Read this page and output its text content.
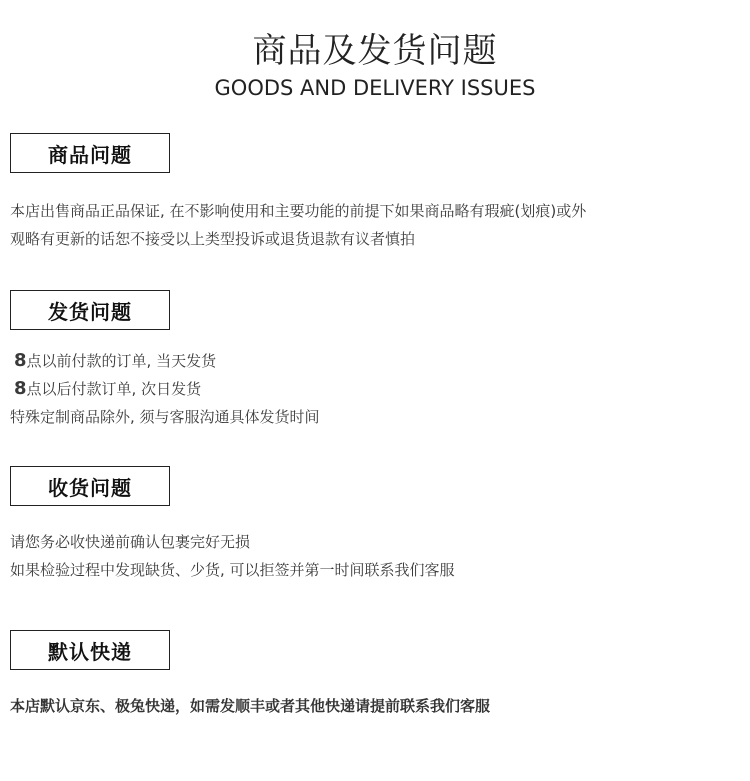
商品及发货问题
GOODS AND DELIVERY ISSUES
商品问题
本店出售商品正品保证, 在不影响使用和主要功能的前提下如果商品略有瑕疵(划痕)或外
观略有更新的话恕不接受以上类型投诉或退货退款有议者慎拍
发货问题
8点以前付款的订单, 当天发货
8点以后付款订单, 次日发货
特殊定制商品除外, 须与客服沟通具体发货时间
收货问题
请您务必收快递前确认包裹完好无损
如果检验过程中发现缺货、少货, 可以拒签并第一时间联系我们客服
默认快递
本店默认京东、极兔快递，如需发顺丰或者其他快递请提前联系我们客服
